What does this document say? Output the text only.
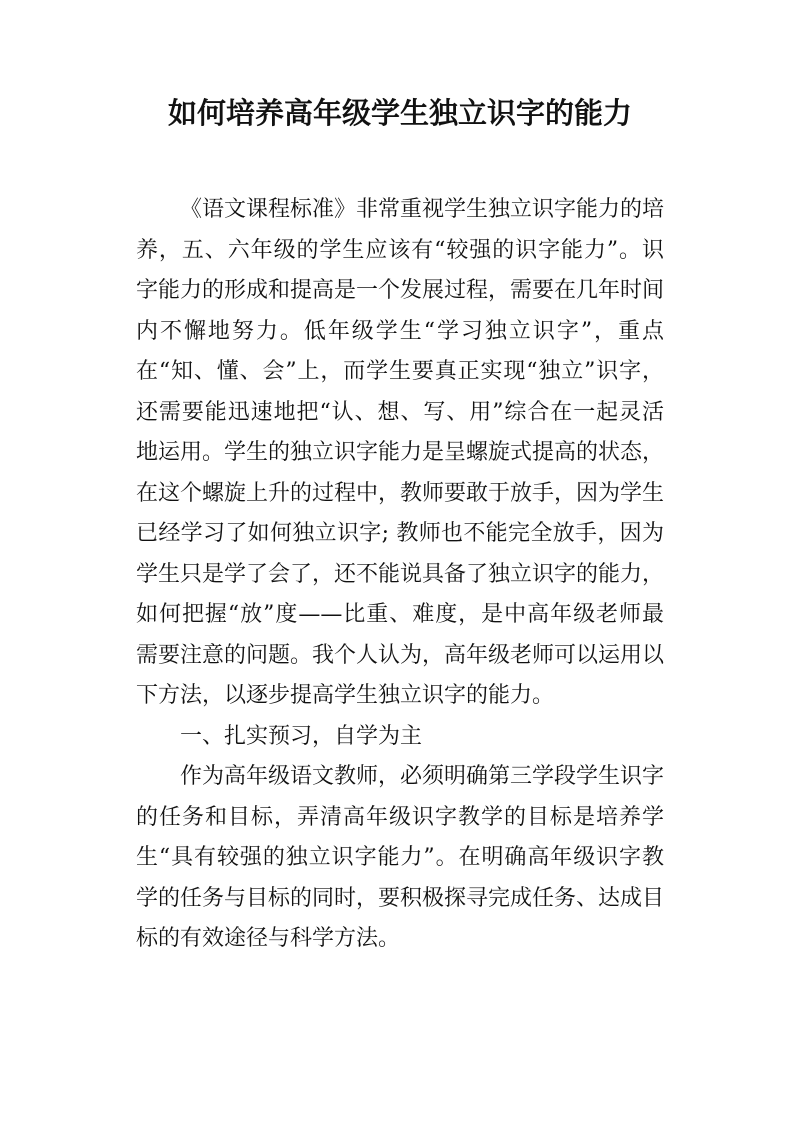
如何培养高年级学生独立识字的能力

《语文课程标准》非常重视学生独立识字能力的培养，五、六年级的学生应该有“较强的识字能力”。识字能力的形成和提高是一个发展过程，需要在几年时间内不懈地努力。低年级学生“学习独立识字”，重点在“知、懂、会”上，而学生要真正实现“独立”识字，还需要能迅速地把“认、想、写、用”综合在一起灵活地运用。学生的独立识字能力是呈螺旋式提高的状态，在这个螺旋上升的过程中，教师要敢于放手，因为学生已经学习了如何独立识字; 教师也不能完全放手，因为学生只是学了会了，还不能说具备了独立识字的能力，如何把握“放”度——比重、难度，是中高年级老师最需要注意的问题。我个人认为，高年级老师可以运用以下方法，以逐步提高学生独立识字的能力。

一、扎实预习，自学为主

作为高年级语文教师，必须明确第三学段学生识字的任务和目标，弄清高年级识字教学的目标是培养学生“具有较强的独立识字能力”。在明确高年级识字教学的任务与目标的同时，要积极探寻完成任务、达成目标的有效途径与科学方法。
